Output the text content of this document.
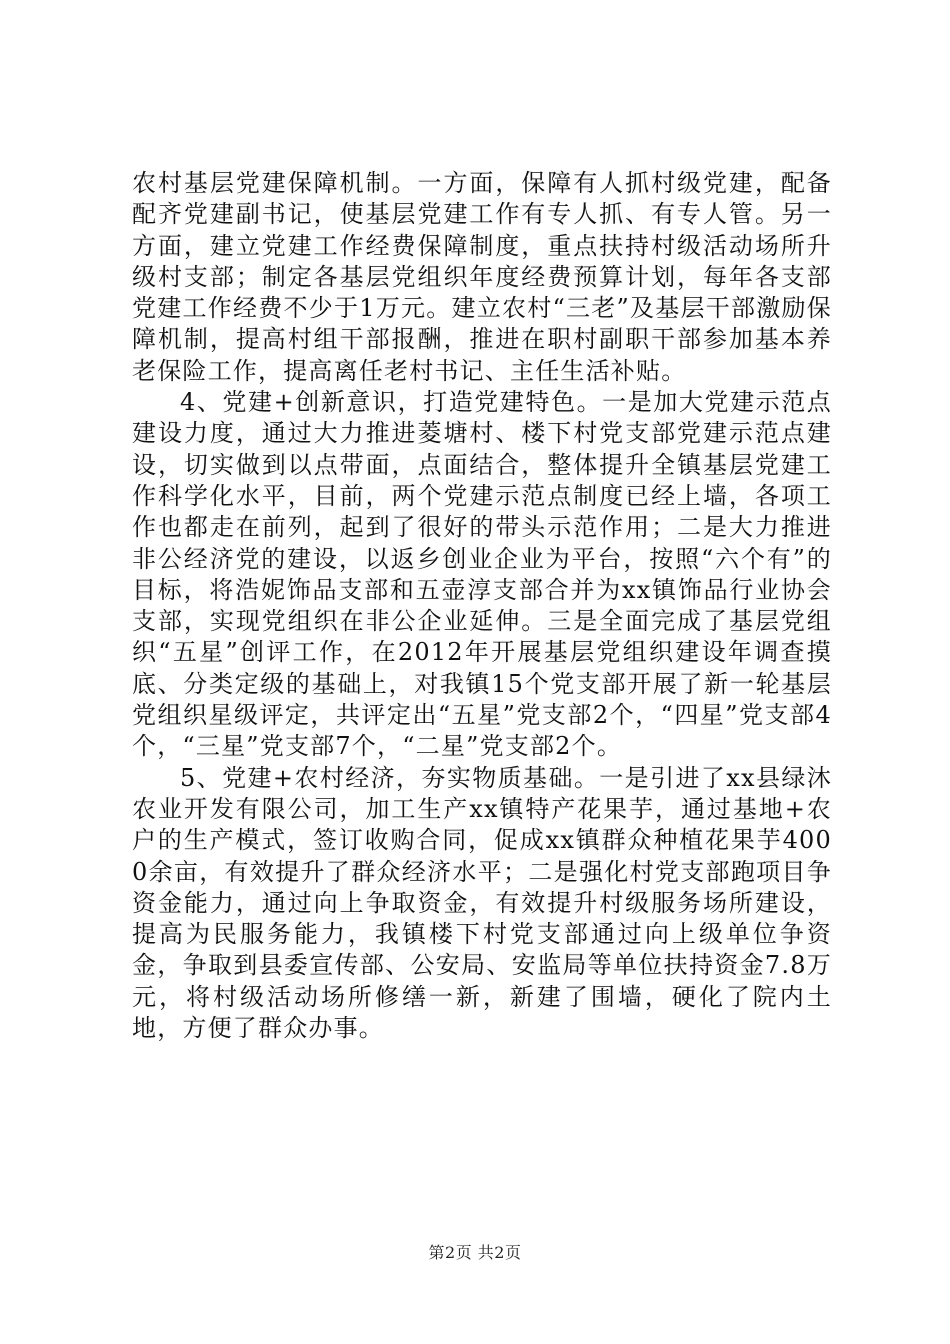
农村基层党建保障机制。一方面，保障有人抓村级党建，配备配齐党建副书记，使基层党建工作有专人抓、有专人管。另一方面，建立党建工作经费保障制度，重点扶持村级活动场所升级村支部；制定各基层党组织年度经费预算计划，每年各支部党建工作经费不少于1万元。建立农村“三老”及基层干部激励保障机制，提高村组干部报酬，推进在职村副职干部参加基本养老保险工作，提高离任老村书记、主任生活补贴。

4、党建+创新意识，打造党建特色。一是加大党建示范点建设力度，通过大力推进菱塘村、楼下村党支部党建示范点建设，切实做到以点带面，点面结合，整体提升全镇基层党建工作科学化水平，目前，两个党建示范点制度已经上墙，各项工作也都走在前列，起到了很好的带头示范作用；二是大力推进非公经济党的建设，以返乡创业企业为平台，按照“六个有”的目标，将浩妮饰品支部和五壶淳支部合并为xx镇饰品行业协会支部，实现党组织在非公企业延伸。三是全面完成了基层党组织“五星”创评工作，在2012年开展基层党组织建设年调查摸底、分类定级的基础上，对我镇15个党支部开展了新一轮基层党组织星级评定，共评定出“五星”党支部2个，“四星”党支部4个，“三星”党支部7个，“二星”党支部2个。

5、党建+农村经济，夯实物质基础。一是引进了xx县绿沐农业开发有限公司，加工生产xx镇特产花果芋，通过基地+农户的生产模式，签订收购合同，促成xx镇群众种植花果芋4000余亩，有效提升了群众经济水平；二是强化村党支部跑项目争资金能力，通过向上争取资金，有效提升村级服务场所建设，提高为民服务能力，我镇楼下村党支部通过向上级单位争资金，争取到县委宣传部、公安局、安监局等单位扶持资金7.8万元，将村级活动场所修缮一新，新建了围墙，硬化了院内土地，方便了群众办事。

第2页 共2页
